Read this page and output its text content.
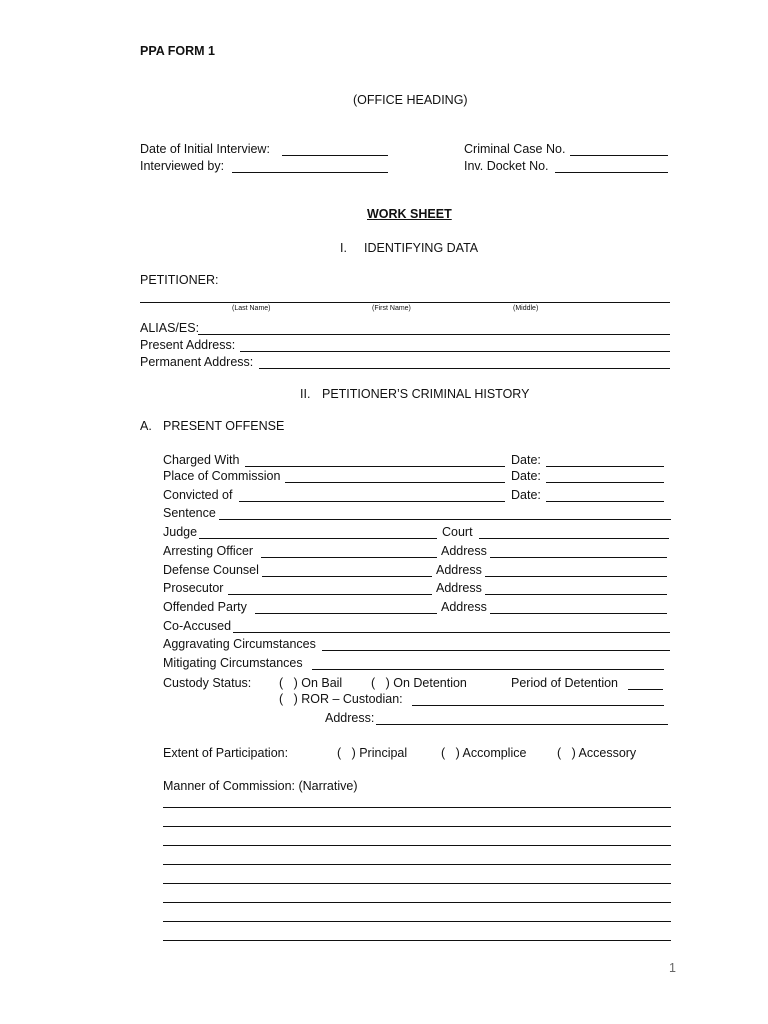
PPA FORM 1
(OFFICE HEADING)
Date of Initial Interview:	Criminal Case No.
Interviewed by:	Inv. Docket No.
WORK SHEET
I. IDENTIFYING DATA
PETITIONER:
(Last Name)	(First Name)	(Middle)
ALIAS/ES:
Present Address:
Permanent Address:
II. PETITIONER’S CRIMINAL HISTORY
A. PRESENT OFFENSE
Charged With	Date:
Place of Commission	Date:
Convicted of	Date:
Sentence
Judge	Court
Arresting Officer	Address
Defense Counsel	Address
Prosecutor	Address
Offended Party	Address
Co-Accused
Aggravating Circumstances
Mitigating Circumstances
Custody Status: (   ) On Bail (   ) On Detention	Period of Detention
(   ) ROR – Custodian:
Address:
Extent of Participation:	(   ) Principal	(   ) Accomplice (   ) Accessory
Manner of Commission: (Narrative)
1
